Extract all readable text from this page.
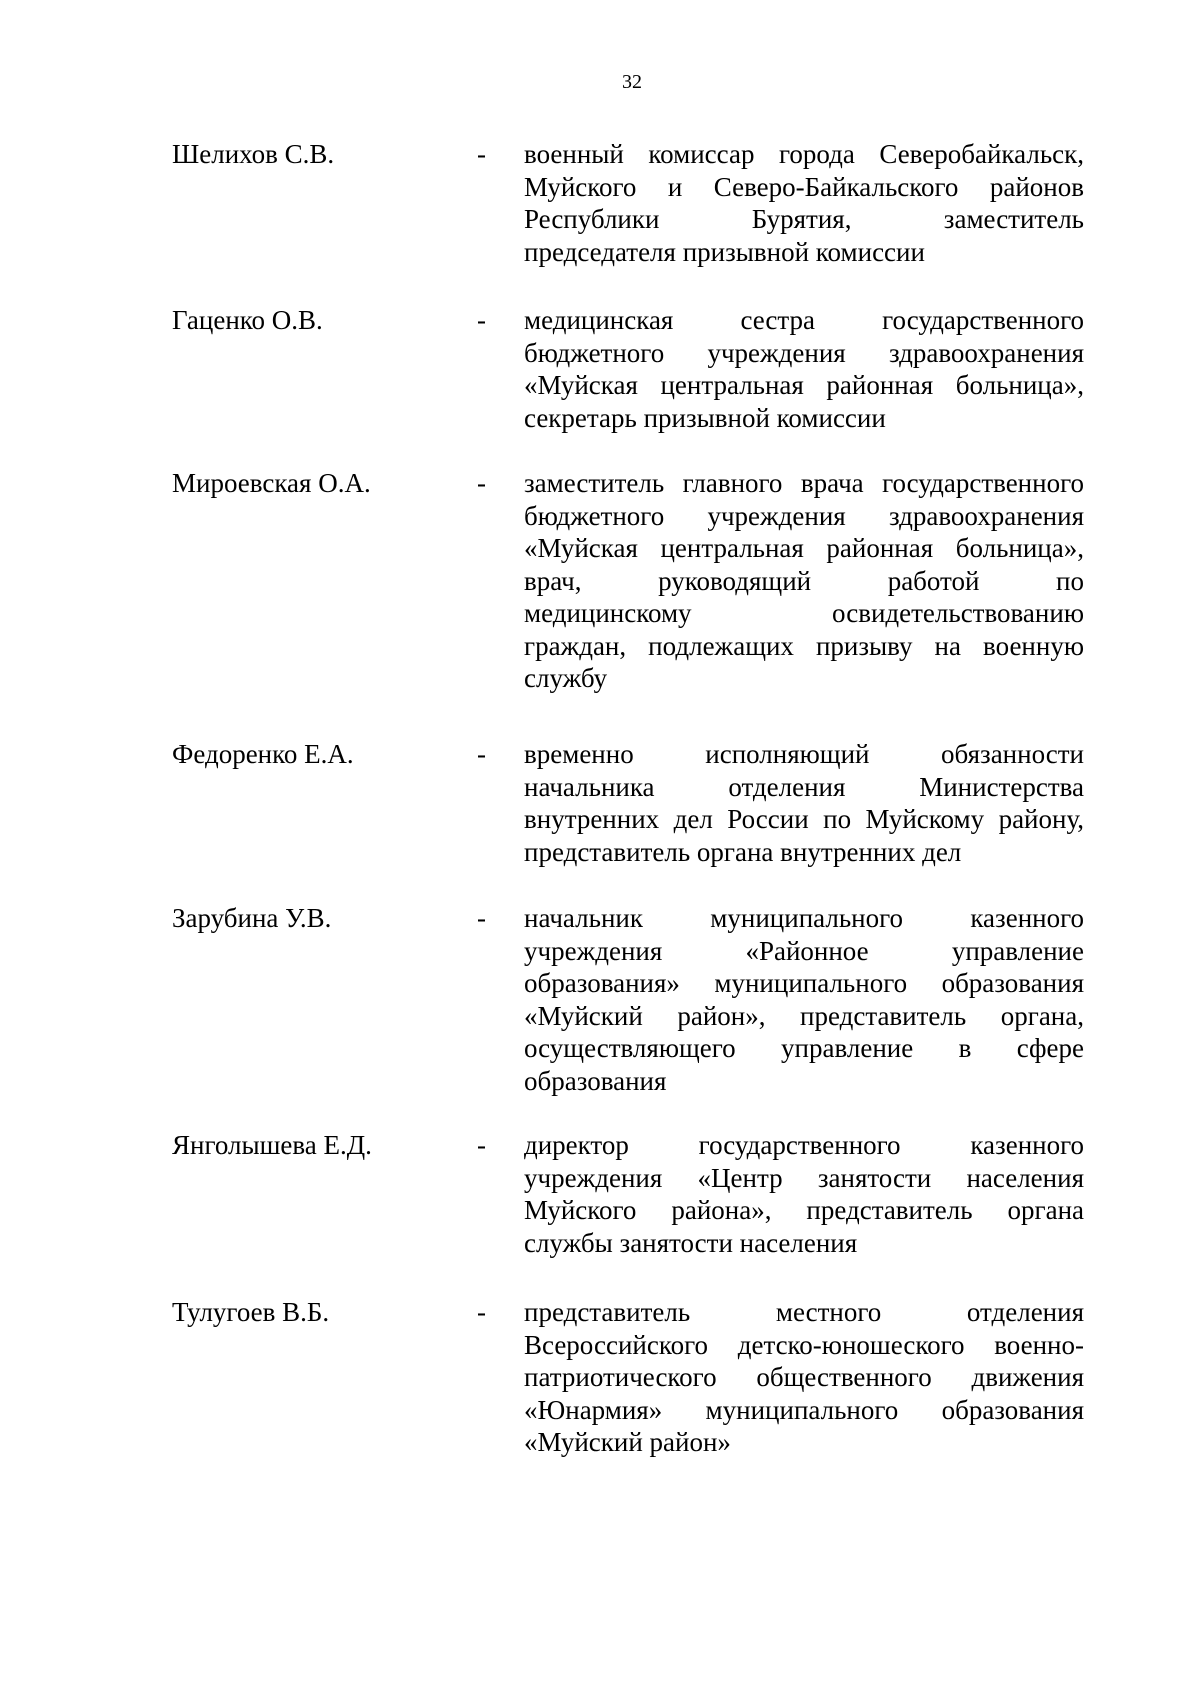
32
Шелихов С.В.	- военный комиссар города Северобайкальск,
Муйского и Северо-Байкальского районов
Республики Бурятия, заместитель
председателя призывной комиссии
Гаценко О.В.	- медицинская сестра государственного
бюджетного учреждения здравоохранения
«Муйская центральная районная больница»,
секретарь призывной комиссии
Мироевская О.А.	- заместитель главного врача государственного
бюджетного учреждения здравоохранения
«Муйская центральная районная больница»,
врач, руководящий работой по
медицинскому освидетельствованию
граждан, подлежащих призыву на военную
службу
Федоренко Е.А.	- временно исполняющий обязанности
начальника отделения Министерства
внутренних дел России по Муйскому району,
представитель органа внутренних дел
Зарубина У.В.	- начальник муниципального казенного
учреждения «Районное управление
образования» муниципального образования
«Муйский район», представитель органа,
осуществляющего управление в сфере
образования
Янголышева Е.Д.	- директор государственного казенного
учреждения «Центр занятости населения
Муйского района», представитель органа
службы занятости населения
Тулугоев В.Б.	- представитель местного отделения
Всероссийского детско-юношеского военно-
патриотического общественного движения
«Юнармия» муниципального образования
«Муйский район»
